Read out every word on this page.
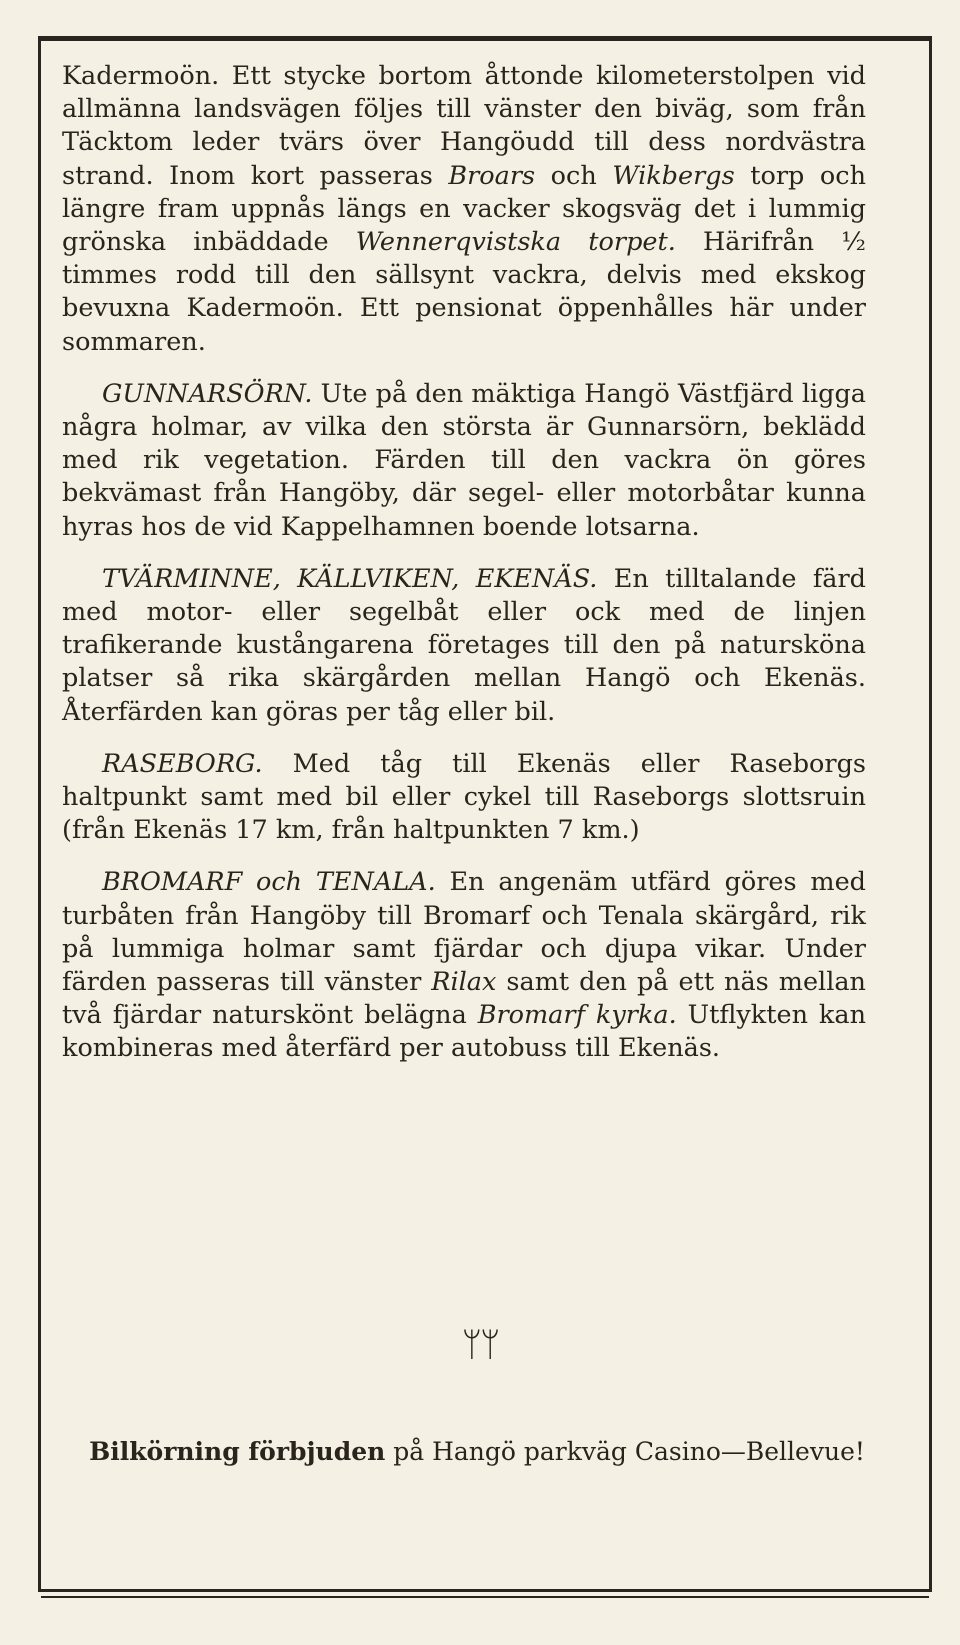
Kadermoön. Ett stycke bortom åttonde kilometerstolpen vid allmänna landsvägen följes till vänster den biväg, som från Täcktom leder tvärs över Hangöudd till dess nordvästra strand. Inom kort passeras Broars och Wikbergs torp och längre fram uppnås längs en vacker skogsväg det i lummig grönska inbäddade Wennerqvistska torpet. Härifrån ½ timmes rodd till den sällsynt vackra, delvis med ekskog bevuxna Kadermoön. Ett pensionat öppenhålles här under sommaren.

GUNNARSÖRN. Ute på den mäktiga Hangö Västfjärd ligga några holmar, av vilka den största är Gunnarsörn, beklädd med rik vegetation. Färden till den vackra ön göres bekvämast från Hangöby, där segel- eller motorbåtar kunna hyras hos de vid Kappelhamnen boende lotsarna.

TVÄRMINNE, KÄLLVIKEN, EKENÄS. En tilltalande färd med motor- eller segelbåt eller ock med de linjen trafikerande kustångarena företages till den på natursköna platser så rika skärgården mellan Hangö och Ekenäs. Återfärden kan göras per tåg eller bil.

RASEBORG. Med tåg till Ekenäs eller Raseborgs haltpunkt samt med bil eller cykel till Raseborgs slottsruin (från Ekenäs 17 km, från haltpunkten 7 km.)

BROMARF och TENALA. En angenäm utfärd göres med turbåten från Hangöby till Bromarf och Tenala skärgård, rik på lummiga holmar samt fjärdar och djupa vikar. Under färden passeras till vänster Rilax samt den på ett näs mellan två fjärdar naturskönt belägna Bromarf kyrka. Utflykten kan kombineras med återfärd per autobuss till Ekenäs.

ᛘᛘ
Bilkörning förbjuden på Hangö parkväg Casino—Bellevue!
